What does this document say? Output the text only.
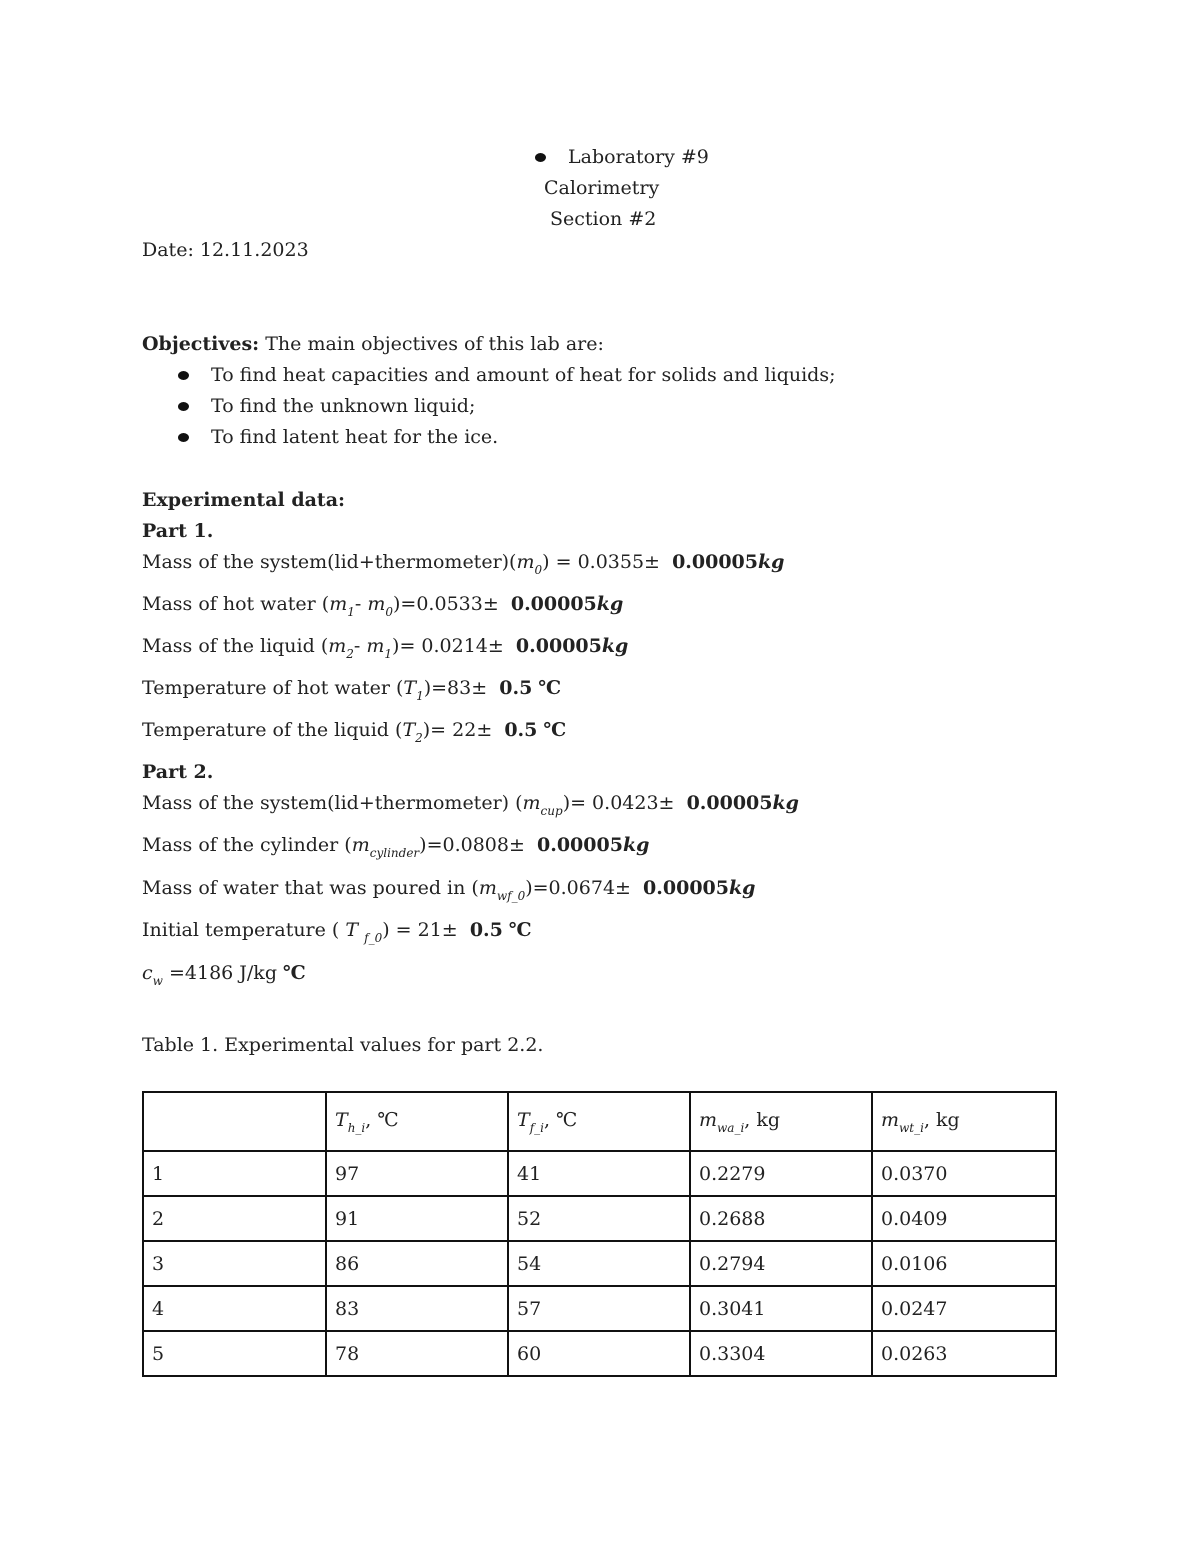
Laboratory #9
Calorimetry
Section #2
Date: 12.11.2023
Objectives: The main objectives of this lab are:
To find heat capacities and amount of heat for solids and liquids;
To find the unknown liquid;
To find latent heat for the ice.
Experimental data:
Part 1.
Mass of the $system(lid+thermometer)(m_0) = 0.0355\pm 0.00005kg$
Mass of hot water ($m_1-$ $m_0)=0.0533\pm 0.00005kg$
Mass of the liquid ($m_2-$ $m_1)= 0.0214\pm 0.00005kg$
Temperature of hot water $(T_1)=83\pm 0.5$ ℃
Temperature of the liquid $(T_2)= 22\pm 0.5$ ℃
Part 2.
Mass of the system(lid+thermometer) $(m_{cup})= 0.0423\pm 0.00005kg$
Mass of the cylinder $(m_{cylinder})=0.0808\pm 0.00005kg$
Mass of water that was poured in $(m_{wf\_0})=0.0674\pm 0.00005kg$
Initial temperature ( T $_{f\_0}$) = 21±  0.5 ℃
$c_w =4186$ J/kg ℃
Table 1. Experimental values for part 2.2.
	$T_{h\_i}$, ℃	$T_{f\_i}$, ℃	$m_{wa\_i}$, kg	$m_{wt\_i}$, kg
1	97	41	0.2279	0.0370
2	91	52	0.2688	0.0409
3	86	54	0.2794	0.0106
4	83	57	0.3041	0.0247
5	78	60	0.3304	0.0263
